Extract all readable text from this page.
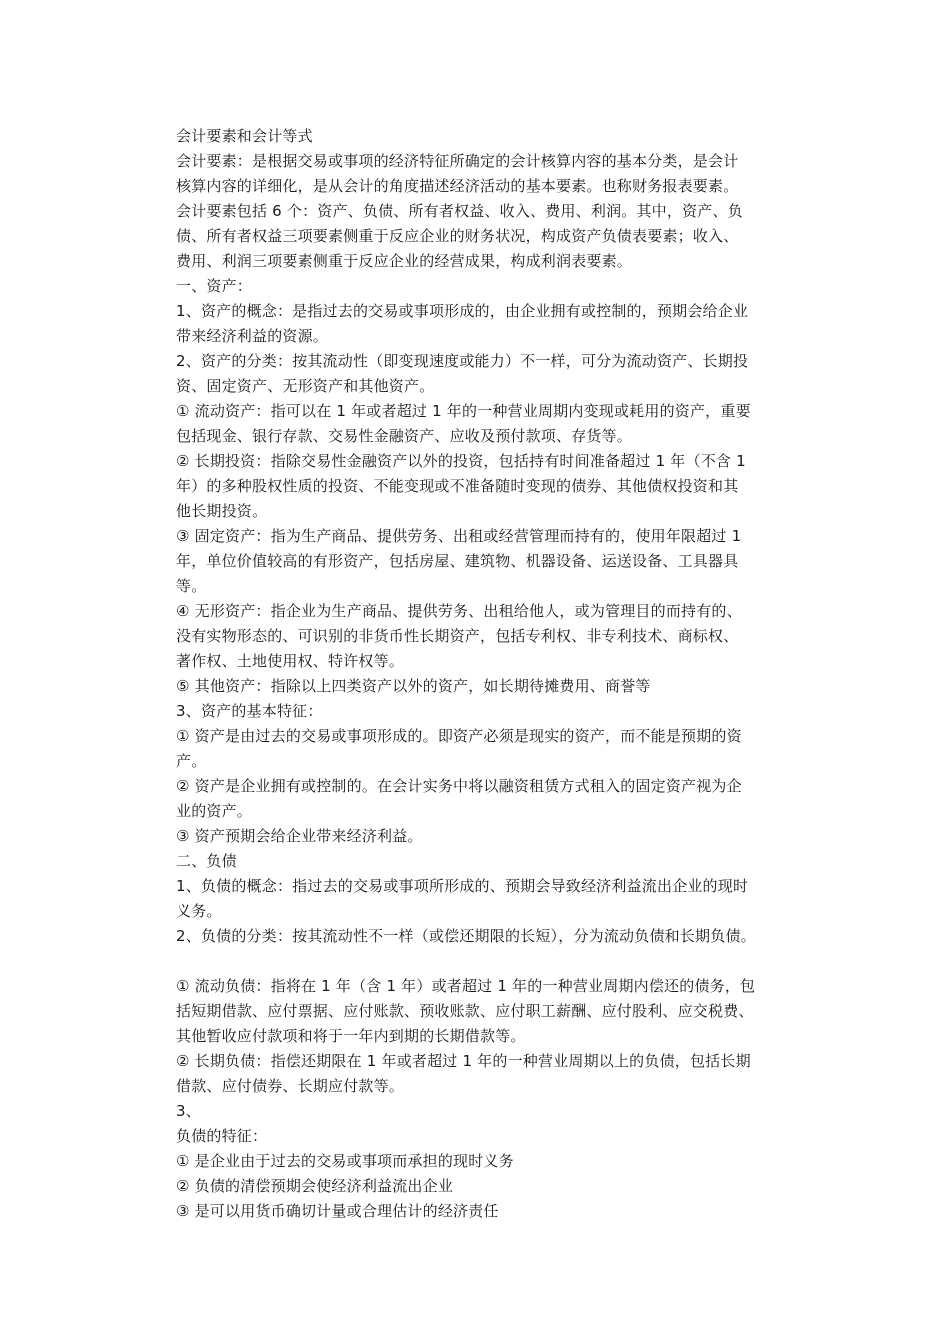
会计要素和会计等式
会计要素：是根据交易或事项的经济特征所确定的会计核算内容的基本分类，是会计
核算内容的详细化，是从会计的角度描述经济活动的基本要素。也称财务报表要素。
会计要素包括 6 个：资产、负债、所有者权益、收入、费用、利润。其中，资产、负
债、所有者权益三项要素侧重于反应企业的财务状况，构成资产负债表要素；收入、
费用、利润三项要素侧重于反应企业的经营成果，构成利润表要素。
一、资产：
1、资产的概念：是指过去的交易或事项形成的，由企业拥有或控制的，预期会给企业
带来经济利益的资源。
2、资产的分类：按其流动性（即变现速度或能力）不一样，可分为流动资产、长期投
资、固定资产、无形资产和其他资产。
① 流动资产：指可以在 1 年或者超过 1 年的一种营业周期内变现或耗用的资产，重要
包括现金、银行存款、交易性金融资产、应收及预付款项、存货等。
② 长期投资：指除交易性金融资产以外的投资，包括持有时间准备超过 1 年（不含 1
年）的多种股权性质的投资、不能变现或不准备随时变现的债券、其他债权投资和其
他长期投资。
③ 固定资产：指为生产商品、提供劳务、出租或经营管理而持有的，使用年限超过 1
年，单位价值较高的有形资产，包括房屋、建筑物、机器设备、运送设备、工具器具
等。
④ 无形资产：指企业为生产商品、提供劳务、出租给他人，或为管理目的而持有的、
没有实物形态的、可识别的非货币性长期资产，包括专利权、非专利技术、商标权、
著作权、土地使用权、特许权等。
⑤ 其他资产：指除以上四类资产以外的资产，如长期待摊费用、商誉等
3、资产的基本特征：
① 资产是由过去的交易或事项形成的。即资产必须是现实的资产，而不能是预期的资
产。
② 资产是企业拥有或控制的。在会计实务中将以融资租赁方式租入的固定资产视为企
业的资产。
③ 资产预期会给企业带来经济利益。
二、负债
1、负债的概念：指过去的交易或事项所形成的、预期会导致经济利益流出企业的现时
义务。
2、负债的分类：按其流动性不一样（或偿还期限的长短），分为流动负债和长期负债。
① 流动负债：指将在 1 年（含 1 年）或者超过 1 年的一种营业周期内偿还的债务，包
括短期借款、应付票据、应付账款、预收账款、应付职工薪酬、应付股利、应交税费、
其他暂收应付款项和将于一年内到期的长期借款等。
② 长期负债：指偿还期限在 1 年或者超过 1 年的一种营业周期以上的负债，包括长期
借款、应付债券、长期应付款等。
3、
负债的特征：
① 是企业由于过去的交易或事项而承担的现时义务
② 负债的清偿预期会使经济利益流出企业
③ 是可以用货币确切计量或合理估计的经济责任
